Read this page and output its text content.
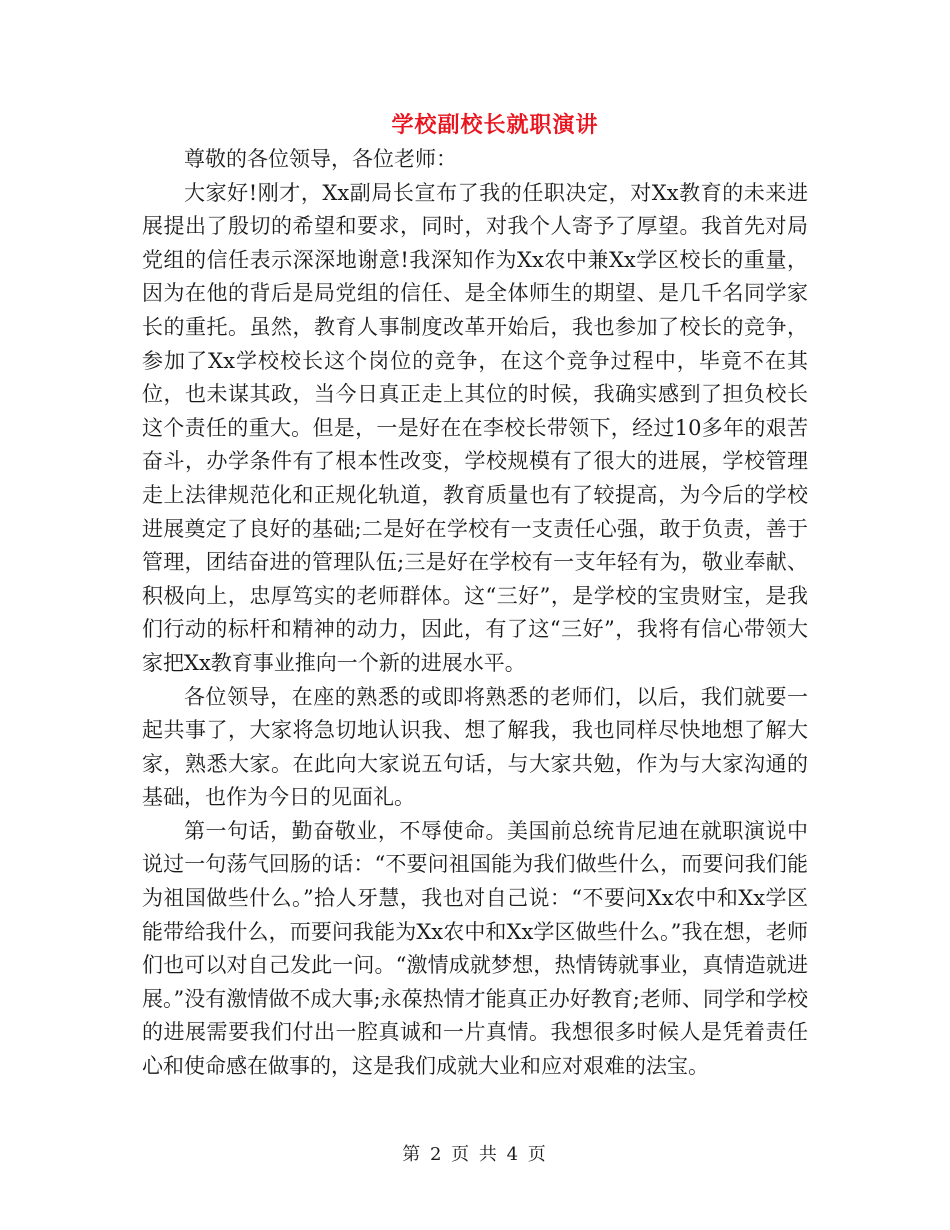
学校副校长就职演讲

尊敬的各位领导，各位老师：

大家好!刚才，Xx副局长宣布了我的任职决定，对Xx教育的未来进展提出了殷切的希望和要求，同时，对我个人寄予了厚望。我首先对局党组的信任表示深深地谢意!我深知作为Xx农中兼Xx学区校长的重量，因为在他的背后是局党组的信任、是全体师生的期望、是几千名同学家长的重托。虽然，教育人事制度改革开始后，我也参加了校长的竞争，参加了Xx学校校长这个岗位的竞争，在这个竞争过程中，毕竟不在其位，也未谋其政，当今日真正走上其位的时候，我确实感到了担负校长这个责任的重大。但是，一是好在在李校长带领下，经过10多年的艰苦奋斗，办学条件有了根本性改变，学校规模有了很大的进展，学校管理走上法律规范化和正规化轨道，教育质量也有了较提高，为今后的学校进展奠定了良好的基础;二是好在学校有一支责任心强，敢于负责，善于管理，团结奋进的管理队伍;三是好在学校有一支年轻有为，敬业奉献、积极向上，忠厚笃实的老师群体。这“三好”，是学校的宝贵财宝，是我们行动的标杆和精神的动力，因此，有了这“三好”，我将有信心带领大家把Xx教育事业推向一个新的进展水平。

各位领导，在座的熟悉的或即将熟悉的老师们，以后，我们就要一起共事了，大家将急切地认识我、想了解我，我也同样尽快地想了解大家，熟悉大家。在此向大家说五句话，与大家共勉，作为与大家沟通的基础，也作为今日的见面礼。

第一句话，勤奋敬业，不辱使命。美国前总统肯尼迪在就职演说中说过一句荡气回肠的话：“不要问祖国能为我们做些什么，而要问我们能为祖国做些什么。”拾人牙慧，我也对自己说：“不要问Xx农中和Xx学区能带给我什么，而要问我能为Xx农中和Xx学区做些什么。”我在想，老师们也可以对自己发此一问。“激情成就梦想，热情铸就事业，真情造就进展。”没有激情做不成大事;永葆热情才能真正办好教育;老师、同学和学校的进展需要我们付出一腔真诚和一片真情。我想很多时候人是凭着责任心和使命感在做事的，这是我们成就大业和应对艰难的法宝。

第 2 页 共 4 页
